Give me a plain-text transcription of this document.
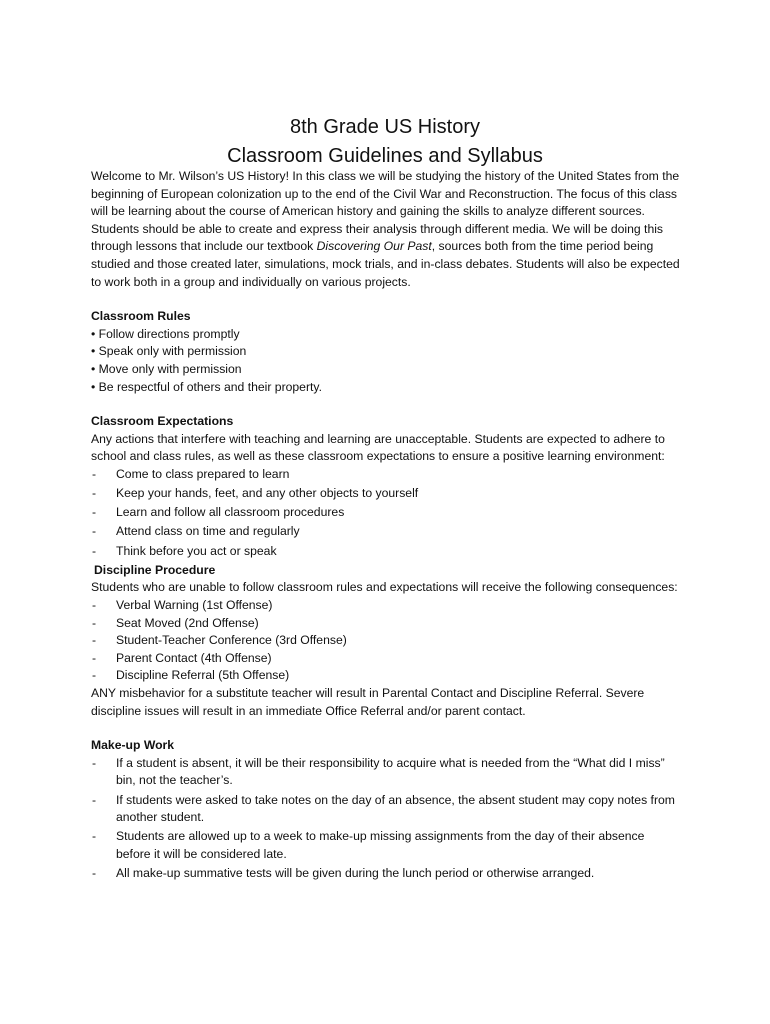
8th Grade US History
Classroom Guidelines and Syllabus

Welcome to Mr. Wilson’s US History! In this class we will be studying the history of the United States from the beginning of European colonization up to the end of the Civil War and Reconstruction. The focus of this class will be learning about the course of American history and gaining the skills to analyze different sources. Students should be able to create and express their analysis through different media. We will be doing this through lessons that include our textbook Discovering Our Past, sources both from the time period being studied and those created later, simulations, mock trials, and in-class debates. Students will also be expected to work both in a group and individually on various projects.

Classroom Rules

• Follow directions promptly
• Speak only with permission
• Move only with permission
• Be respectful of others and their property.

Classroom Expectations

Any actions that interfere with teaching and learning are unacceptable. Students are expected to adhere to school and class rules, as well as these classroom expectations to ensure a positive learning environment:

- Come to class prepared to learn
- Keep your hands, feet, and any other objects to yourself
- Learn and follow all classroom procedures
- Attend class on time and regularly
- Think before you act or speak

Discipline Procedure

Students who are unable to follow classroom rules and expectations will receive the following consequences:

- Verbal Warning (1st Offense)
- Seat Moved (2nd Offense)
- Student-Teacher Conference (3rd Offense)
- Parent Contact (4th Offense)
- Discipline Referral (5th Offense)

ANY misbehavior for a substitute teacher will result in Parental Contact and Discipline Referral. Severe discipline issues will result in an immediate Office Referral and/or parent contact.

Make-up Work

- If a student is absent, it will be their responsibility to acquire what is needed from the “What did I miss” bin, not the teacher’s.
- If students were asked to take notes on the day of an absence, the absent student may copy notes from another student.
- Students are allowed up to a week to make-up missing assignments from the day of their absence before it will be considered late.
- All make-up summative tests will be given during the lunch period or otherwise arranged.
